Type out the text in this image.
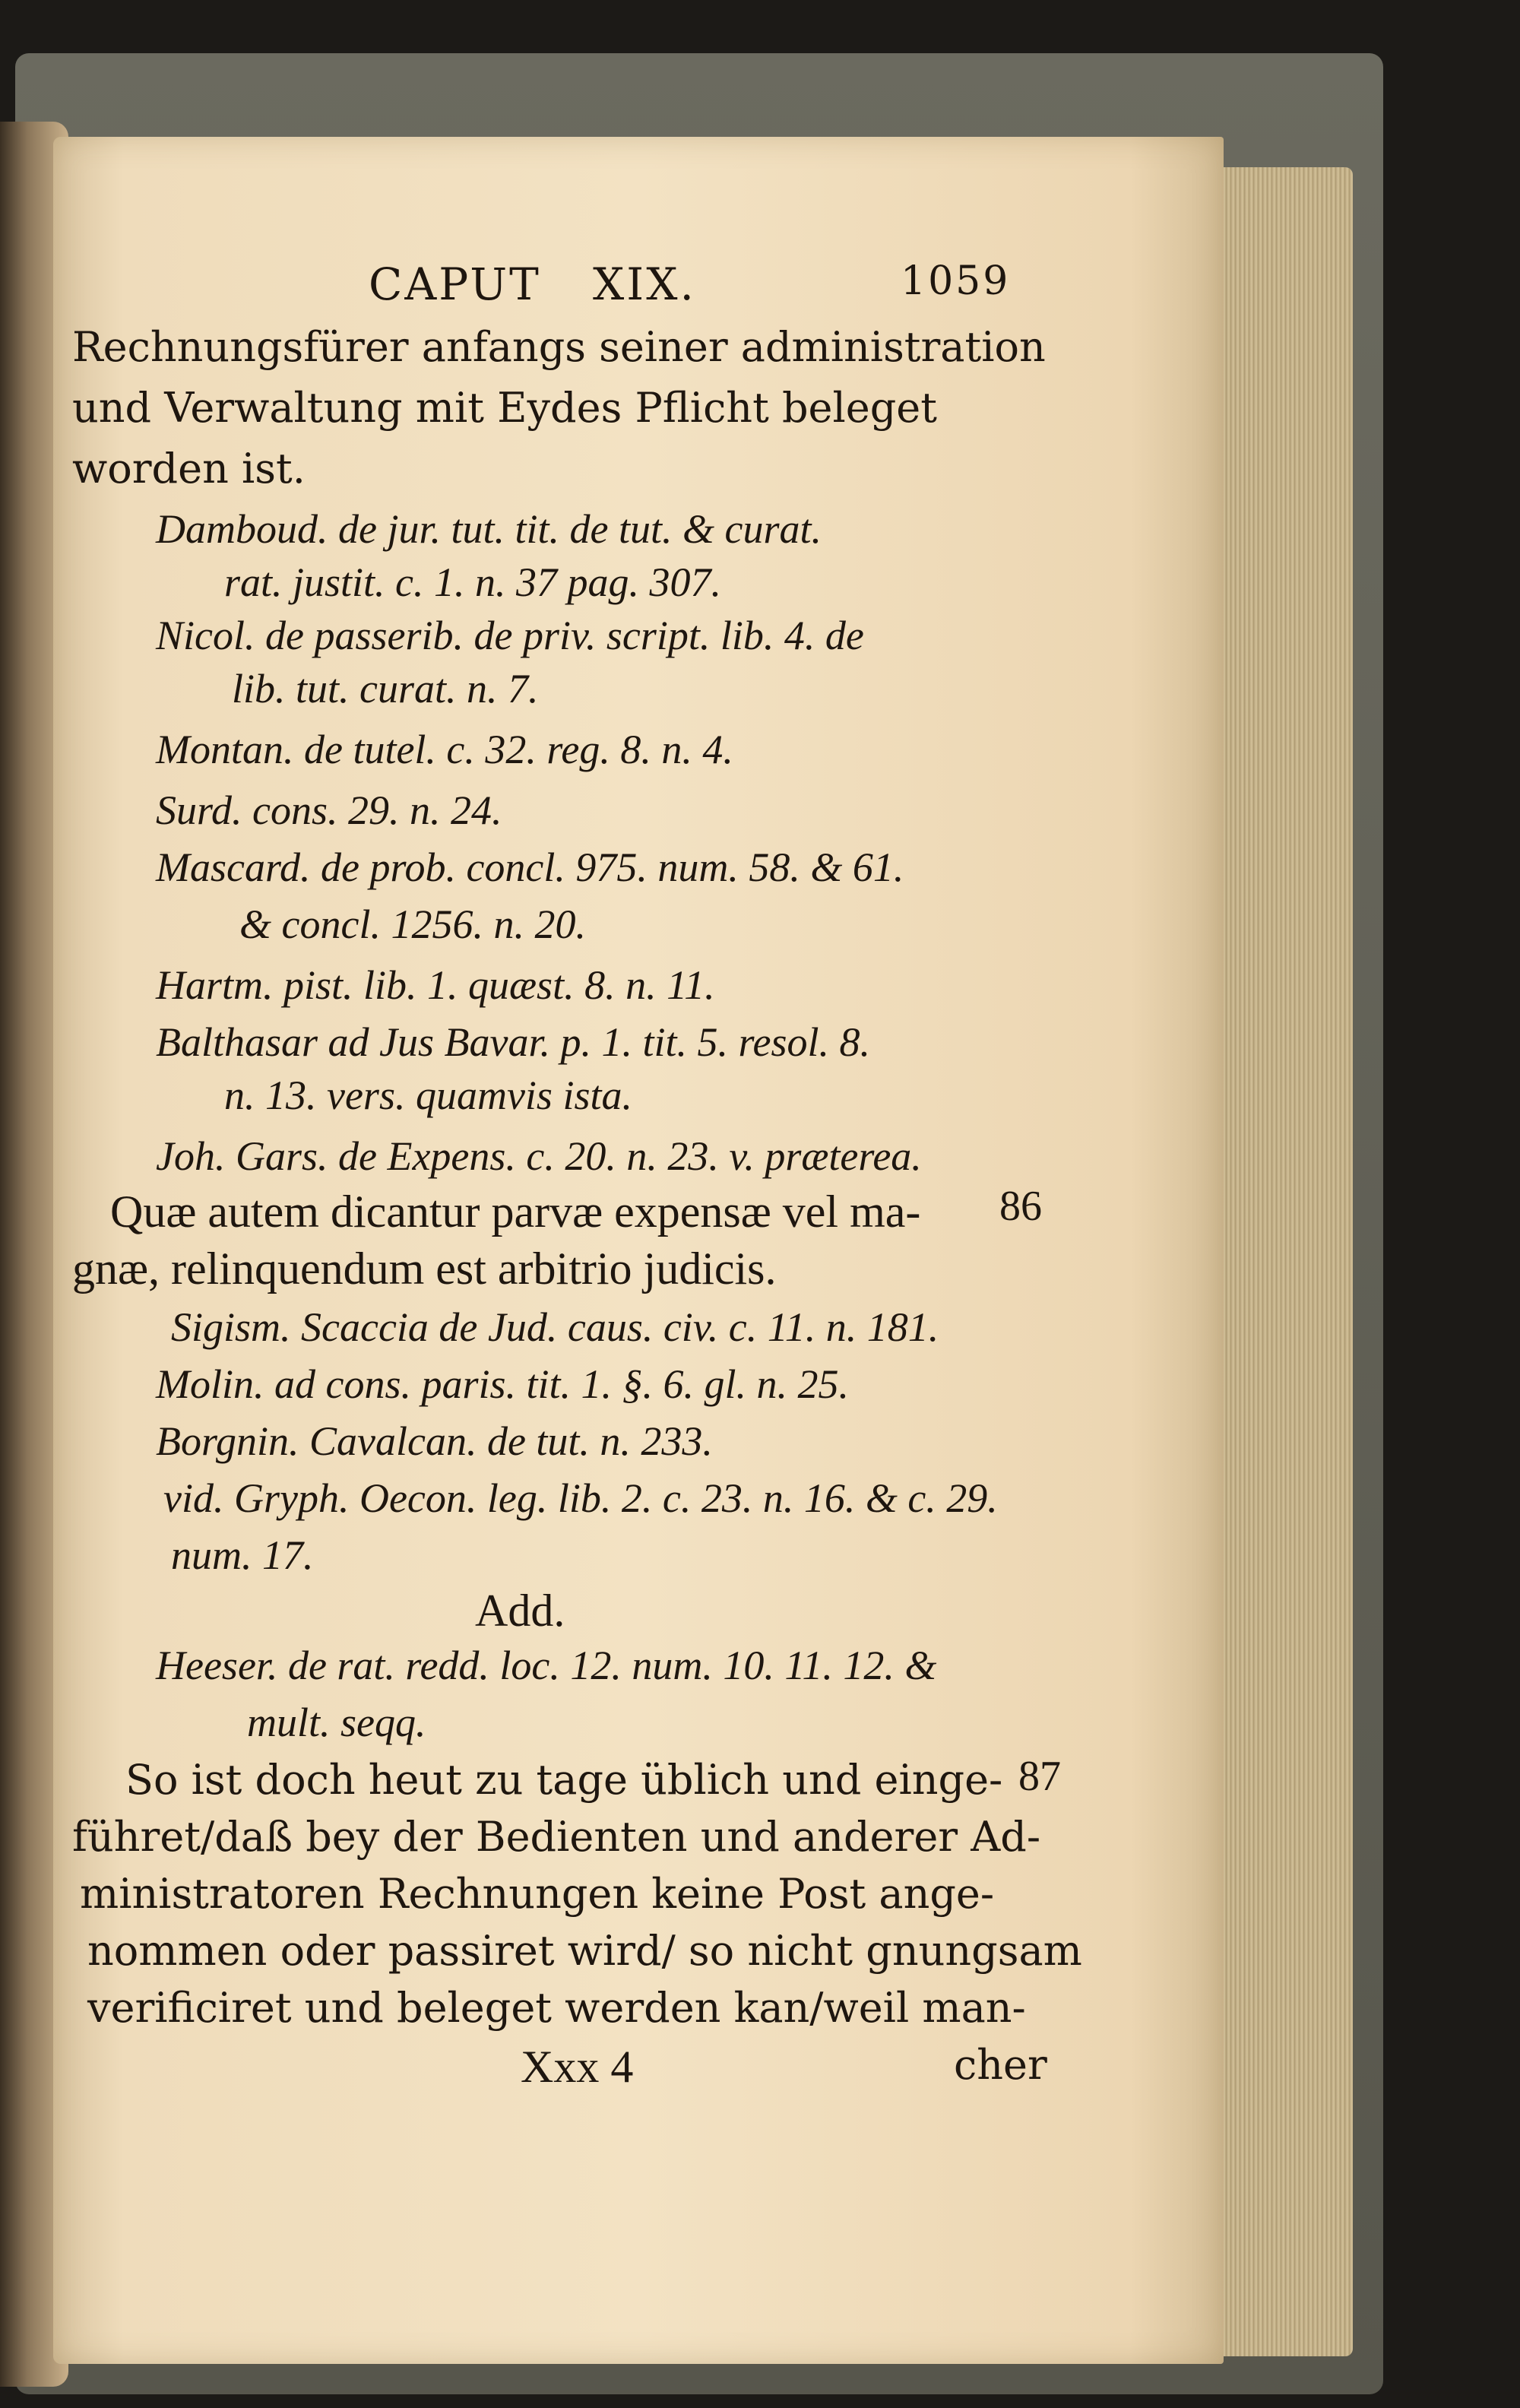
CAPUT XIX.	1059
Rechnungsfürer anfangs seiner administration
und Verwaltung mit Eydes Pflicht beleget
worden ist.
Damboud. de jur. tut. tit. de tut. & curat.
rat. justit. c. 1. n. 37 pag. 307.
Nicol. de passerib. de priv. script. lib. 4. de
lib. tut. curat. n. 7.
Montan. de tutel. c. 32. reg. 8. n. 4.
Surd. cons. 29. n. 24.
Mascard. de prob. concl. 975. num. 58. & 61.
& concl. 1256. n. 20.
Hartm. pist. lib. 1. quæst. 8. n. 11.
Balthasar ad Jus Bavar. p. 1. tit. 5. resol. 8.
n. 13. vers. quamvis ista.
Joh. Gars. de Expens. c. 20. n. 23. v. præterea.
Quæ autem dicantur parvæ expensæ vel ma-
gnæ, relinquendum est arbitrio judicis.
Sigism. Scaccia de Jud. caus. civ. c. 11. n. 181.
Molin. ad cons. paris. tit. 1. §. 6. gl. n. 25.
Borgnin. Cavalcan. de tut. n. 233.
vid. Gryph. Oecon. leg. lib. 2. c. 23. n. 16. & c. 29.
num. 17.
Add.
Heeser. de rat. redd. loc. 12. num. 10. 11. 12. &
mult. seqq.
So ist doch heut zu tage üblich und einge-
führet/daß bey der Bedienten und anderer Ad-
ministratoren Rechnungen keine Post ange-
nommen oder passiret wird/ so nicht gnungsam
verificiret und beleget werden kan/weil man-
Xxx 4	cher
86
87
